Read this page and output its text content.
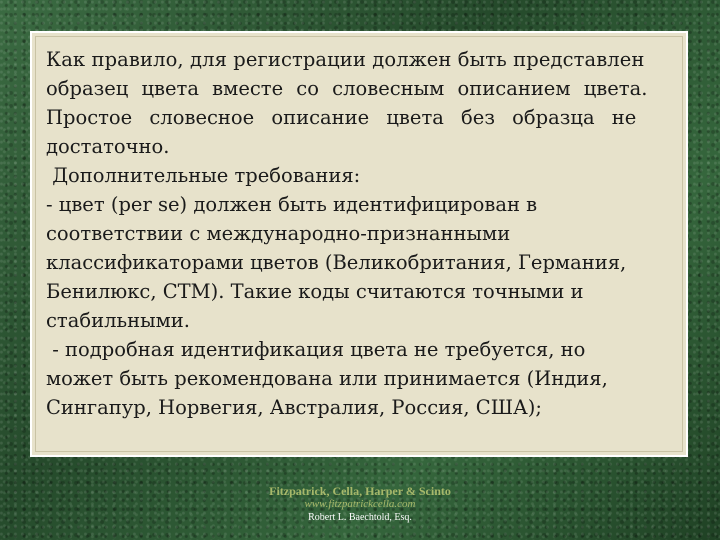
Как правило, для регистрации должен быть представлен
образец цвета вместе со словесным описанием цвета.
Простое словесное описание цвета без образца не
достаточно.
Дополнительные требования:
- цвет (per se) должен быть идентифицирован в
соответствии с международно-признанными
классификаторами цветов (Великобритания, Германия,
Бенилюкс, CTM). Такие коды считаются точными и
стабильными.
- подробная идентификация цвета не требуется, но
может быть рекомендована или принимается (Индия,
Сингапур, Норвегия, Австралия, Россия, США);
Fitzpatrick, Cella, Harper & Scinto
www.fitzpatrickcella.com
Robert L. Baechtold, Esq.
